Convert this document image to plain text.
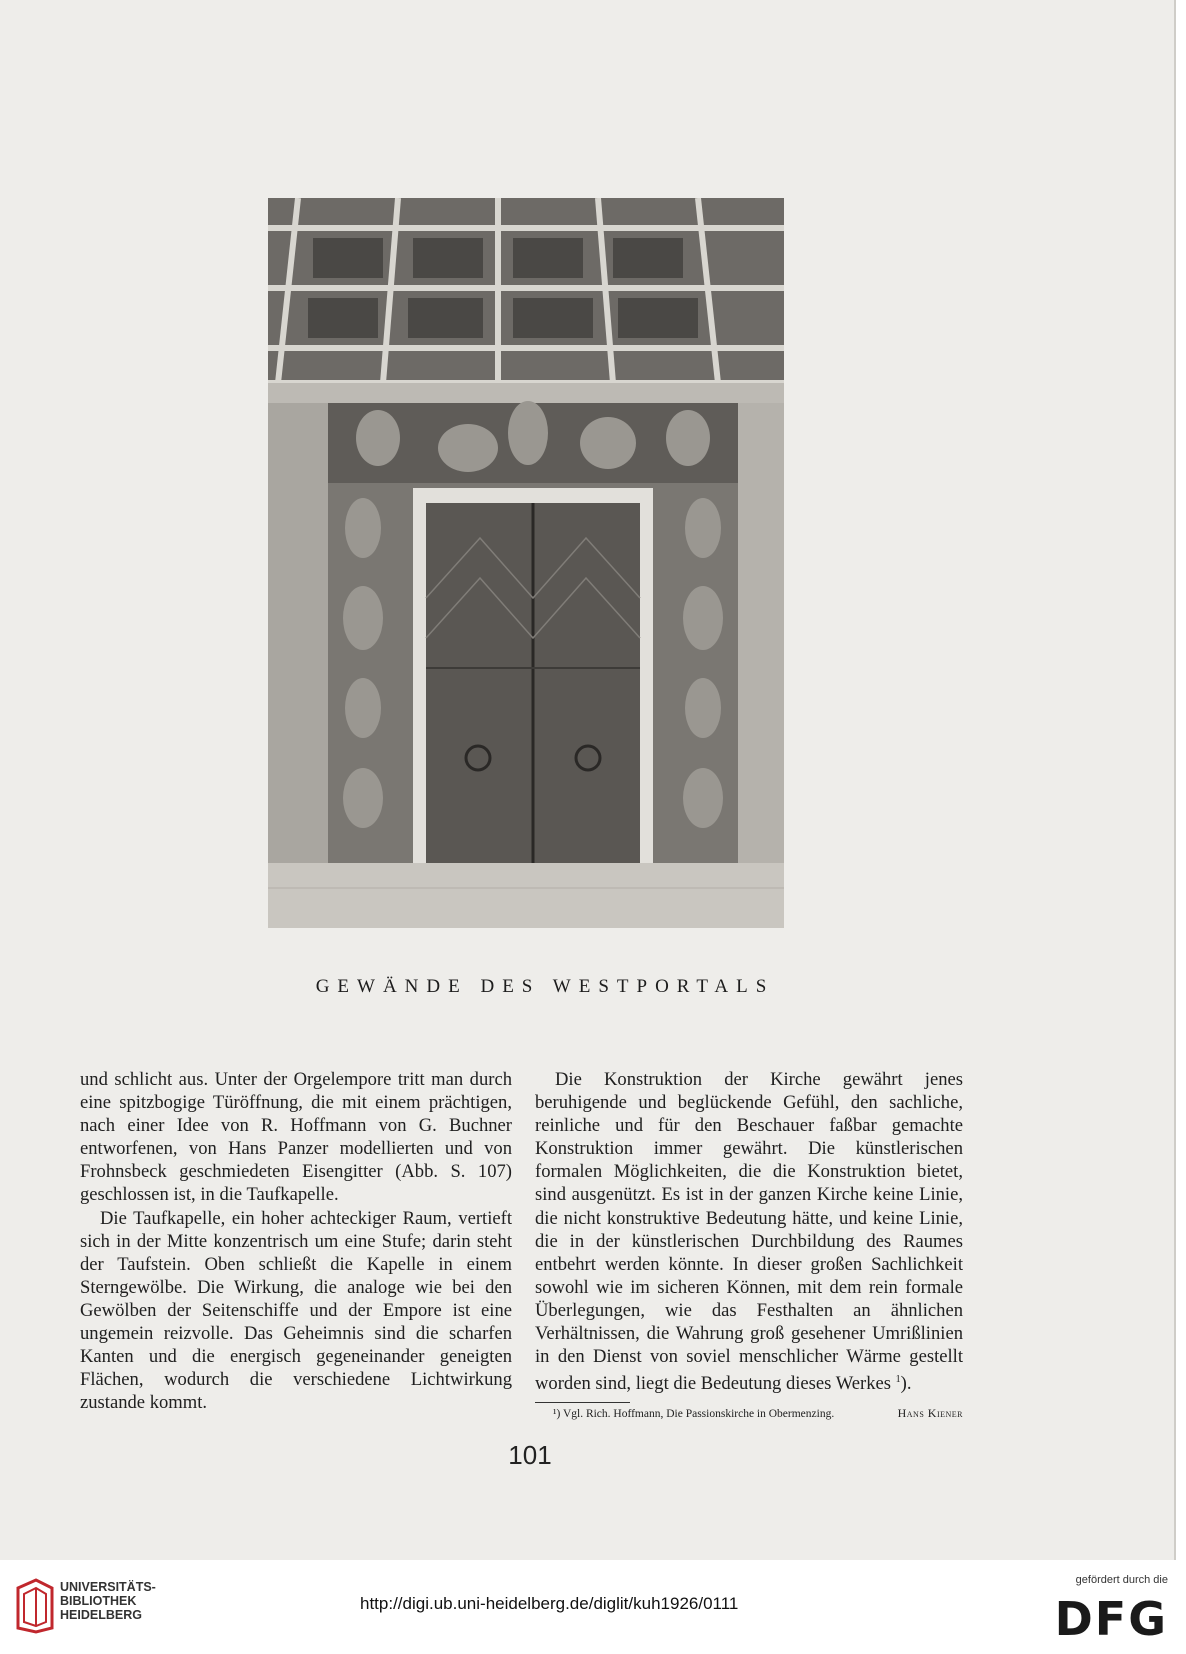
GEWÄNDE DES WESTPORTALS

und schlicht aus. Unter der Orgelempore tritt man durch eine spitzbogige Türöffnung, die mit einem prächtigen, nach einer Idee von R. Hoffmann von G. Buchner entworfenen, von Hans Panzer modellierten und von Frohnsbeck geschmiedeten Eisengitter (Abb. S. 107) geschlossen ist, in die Taufkapelle.

Die Taufkapelle, ein hoher achteckiger Raum, vertieft sich in der Mitte konzentrisch um eine Stufe; darin steht der Taufstein. Oben schließt die Kapelle in einem Sterngewölbe. Die Wirkung, die analoge wie bei den Gewölben der Seitenschiffe und der Empore ist eine ungemein reizvolle. Das Geheimnis sind die scharfen Kanten und die energisch gegeneinander geneigten Flächen, wodurch die verschiedene Lichtwirkung zustande kommt.

Die Konstruktion der Kirche gewährt jenes beruhigende und beglückende Gefühl, den sachliche, reinliche und für den Beschauer faßbar gemachte Konstruktion immer gewährt. Die künstlerischen formalen Möglichkeiten, die die Konstruktion bietet, sind ausgenützt. Es ist in der ganzen Kirche keine Linie, die nicht konstruktive Bedeutung hätte, und keine Linie, die in der künstlerischen Durchbildung des Raumes entbehrt werden könnte. In dieser großen Sachlichkeit sowohl wie im sicheren Können, mit dem rein formale Überlegungen, wie das Festhalten an ähnlichen Verhältnissen, die Wahrung groß gesehener Umrißlinien in den Dienst von soviel menschlicher Wärme gestellt worden sind, liegt die Bedeutung dieses Werkes $^1$).
Hans Kiener

¹) Vgl. Rich. Hoffmann, Die Passionskirche in Obermenzing.
101
UNIVERSITÄTS-
BIBLIOTHEK
HEIDELBERG
http://digi.ub.uni-heidelberg.de/diglit/kuh1926/0111
gefördert durch die
DFG
